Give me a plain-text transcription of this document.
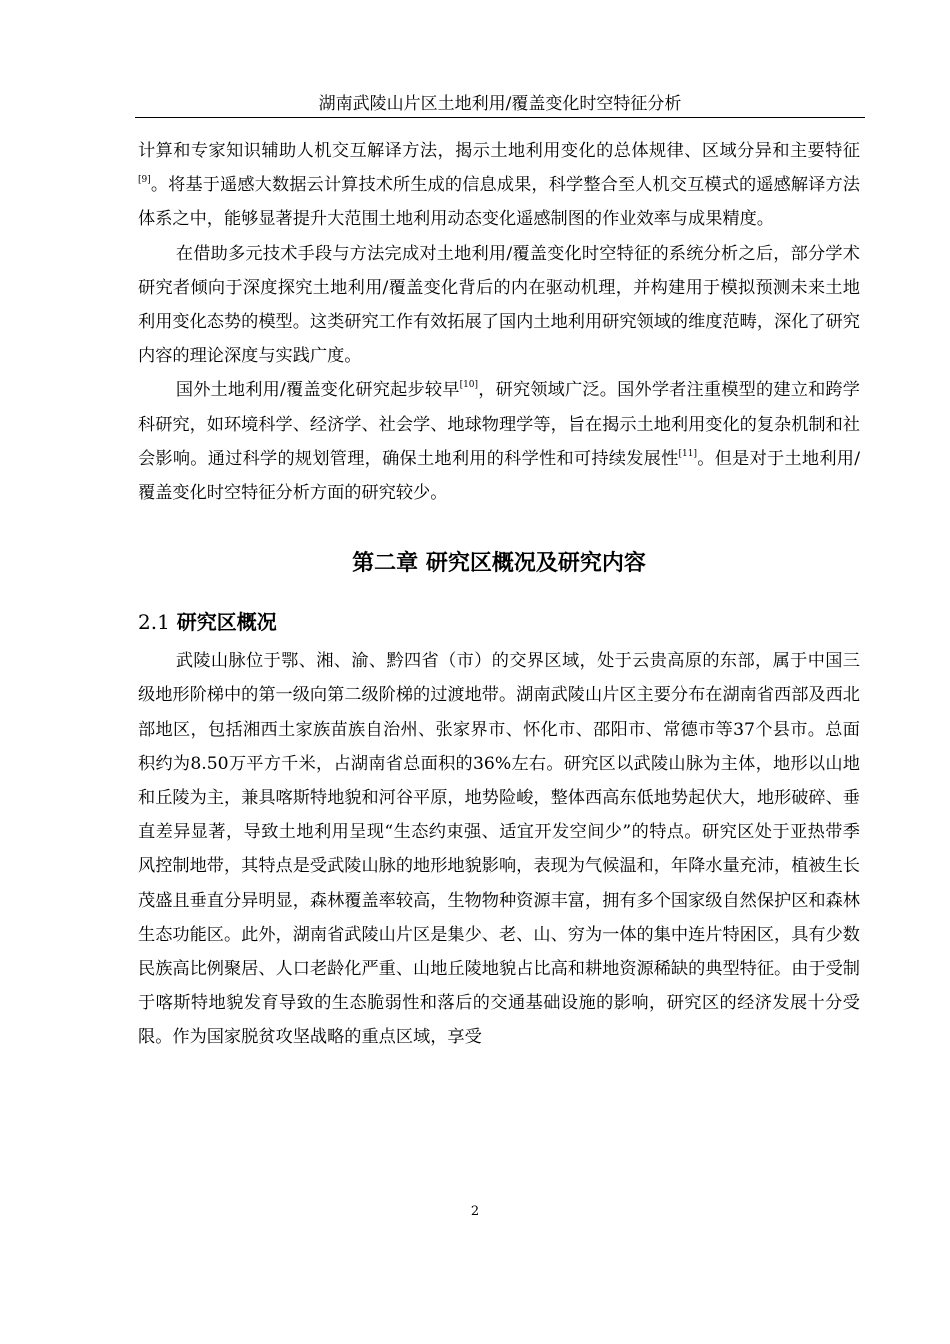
湖南武陵山片区土地利用/覆盖变化时空特征分析

计算和专家知识辅助人机交互解译方法，揭示土地利用变化的总体规律、区域分异和主要特征[9]。将基于遥感大数据云计算技术所生成的信息成果，科学整合至人机交互模式的遥感解译方法体系之中，能够显著提升大范围土地利用动态变化遥感制图的作业效率与成果精度。

在借助多元技术手段与方法完成对土地利用/覆盖变化时空特征的系统分析之后，部分学术研究者倾向于深度探究土地利用/覆盖变化背后的内在驱动机理，并构建用于模拟预测未来土地利用变化态势的模型。这类研究工作有效拓展了国内土地利用研究领域的维度范畴，深化了研究内容的理论深度与实践广度。

国外土地利用/覆盖变化研究起步较早[10]，研究领域广泛。国外学者注重模型的建立和跨学科研究，如环境科学、经济学、社会学、地球物理学等，旨在揭示土地利用变化的复杂机制和社会影响。通过科学的规划管理，确保土地利用的科学性和可持续发展性[11]。但是对于土地利用/覆盖变化时空特征分析方面的研究较少。

第二章 研究区概况及研究内容
2.1 研究区概况

武陵山脉位于鄂、湘、渝、黔四省（市）的交界区域，处于云贵高原的东部，属于中国三级地形阶梯中的第一级向第二级阶梯的过渡地带。湖南武陵山片区主要分布在湖南省西部及西北部地区，包括湘西土家族苗族自治州、张家界市、怀化市、邵阳市、常德市等37个县市。总面积约为8.50万平方千米，占湖南省总面积的36%左右。研究区以武陵山脉为主体，地形以山地和丘陵为主，兼具喀斯特地貌和河谷平原，地势险峻，整体西高东低地势起伏大，地形破碎、垂直差异显著，导致土地利用呈现“生态约束强、适宜开发空间少”的特点。研究区处于亚热带季风控制地带，其特点是受武陵山脉的地形地貌影响，表现为气候温和，年降水量充沛，植被生长茂盛且垂直分异明显，森林覆盖率较高，生物物种资源丰富，拥有多个国家级自然保护区和森林生态功能区。此外，湖南省武陵山片区是集少、老、山、穷为一体的集中连片特困区，具有少数民族高比例聚居、人口老龄化严重、山地丘陵地貌占比高和耕地资源稀缺的典型特征。由于受制于喀斯特地貌发育导致的生态脆弱性和落后的交通基础设施的影响，研究区的经济发展十分受限。作为国家脱贫攻坚战略的重点区域，享受

2
